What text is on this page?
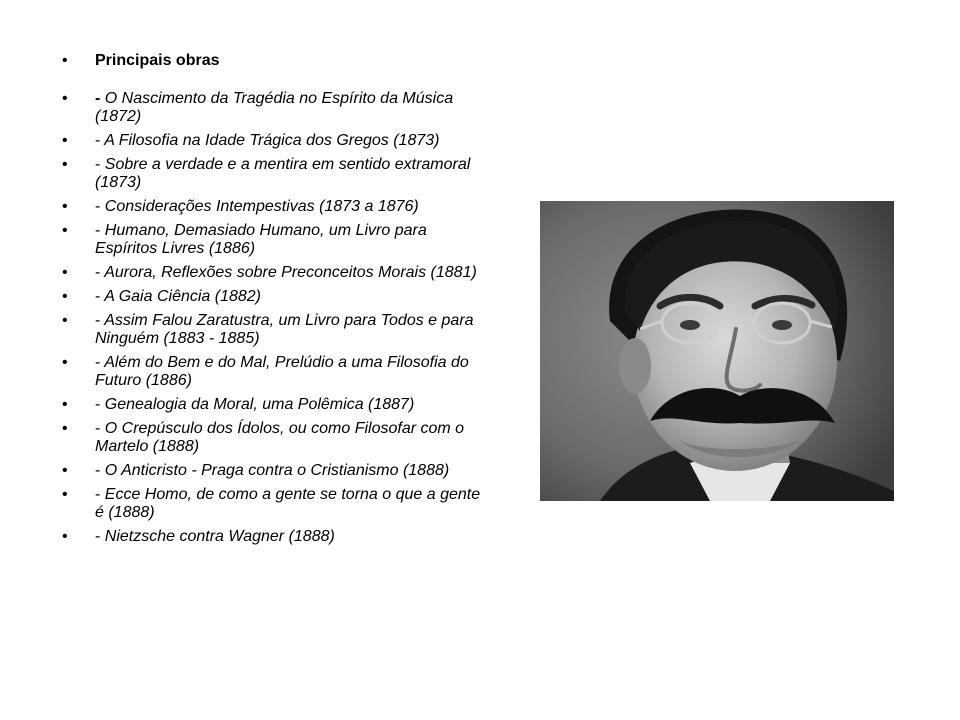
•	Principais obras
•	- O Nascimento da Tragédia no Espírito da Música (1872)
•	- A Filosofia na Idade Trágica dos Gregos (1873)
•	- Sobre a verdade e a mentira em sentido extramoral (1873)
•	- Considerações Intempestivas (1873 a 1876)
•	- Humano, Demasiado Humano, um Livro para Espíritos Livres (1886)
•	- Aurora, Reflexões sobre Preconceitos Morais (1881)
•	- A Gaia Ciência (1882)
•	- Assim Falou Zaratustra, um Livro para Todos e para Ninguém (1883 - 1885)
•	- Além do Bem e do Mal, Prelúdio a uma Filosofia do Futuro (1886)
•	- Genealogia da Moral, uma Polêmica (1887)
•	- O Crepúsculo dos Ídolos, ou como Filosofar com o Martelo (1888)
•	- O Anticristo - Praga contra o Cristianismo (1888)
•	- Ecce Homo, de como a gente se torna o que a gente é (1888)
•	- Nietzsche contra Wagner (1888)
